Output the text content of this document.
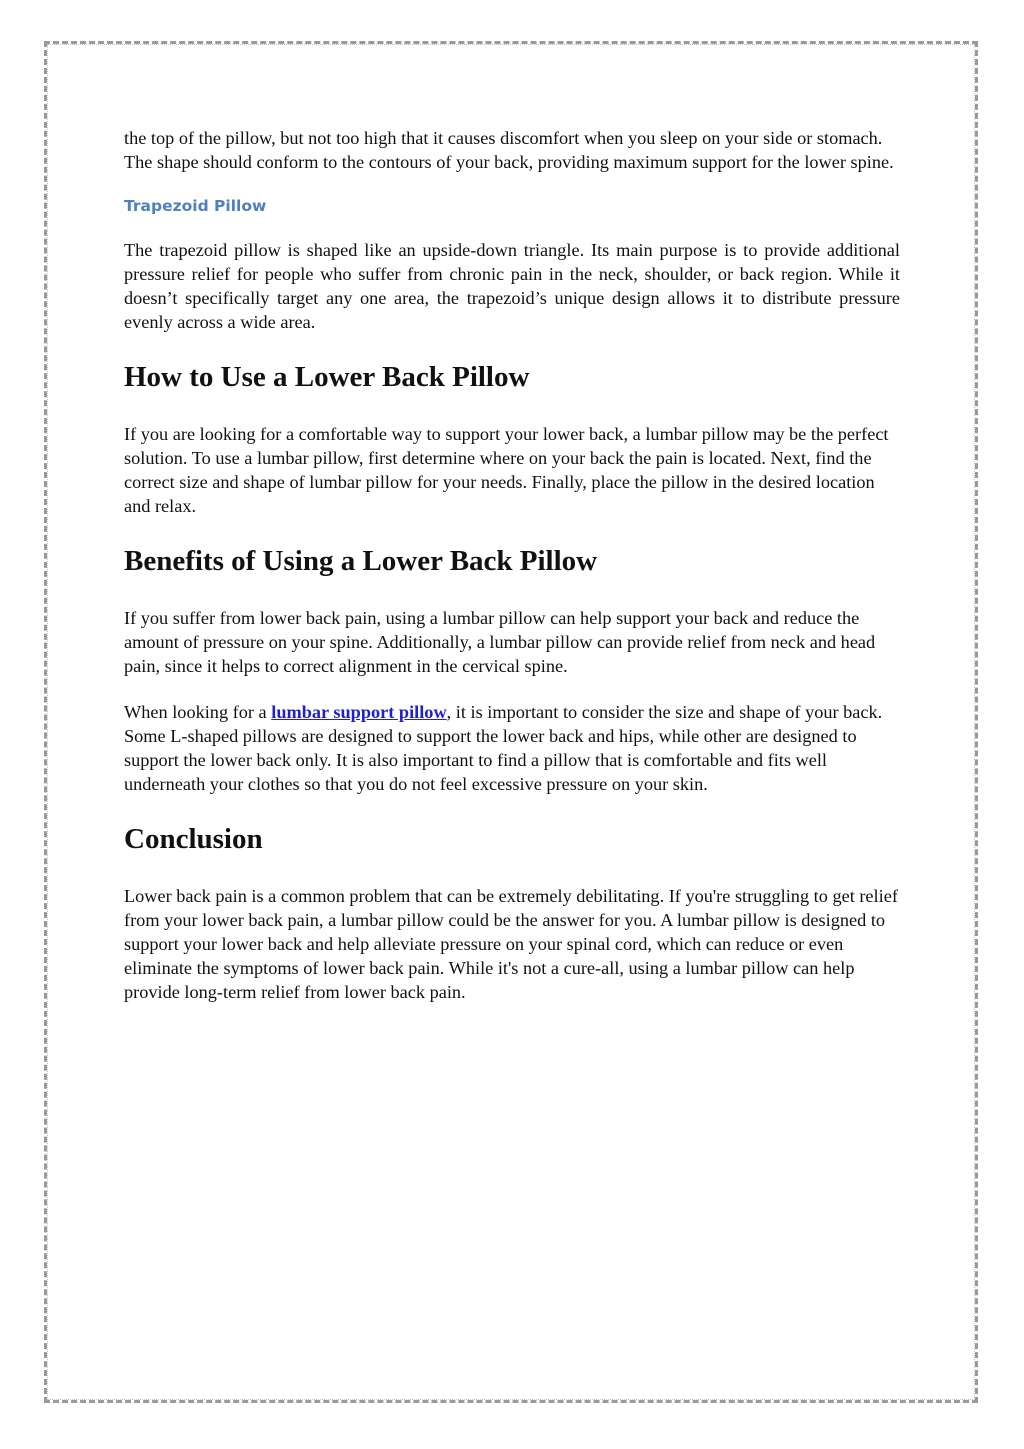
the top of the pillow, but not too high that it causes discomfort when you sleep on your side or stomach. The shape should conform to the contours of your back, providing maximum support for the lower spine.

Trapezoid Pillow

The trapezoid pillow is shaped like an upside-down triangle. Its main purpose is to provide additional pressure relief for people who suffer from chronic pain in the neck, shoulder, or back region. While it doesn’t specifically target any one area, the trapezoid’s unique design allows it to distribute pressure evenly across a wide area.

How to Use a Lower Back Pillow

If you are looking for a comfortable way to support your lower back, a lumbar pillow may be the perfect solution. To use a lumbar pillow, first determine where on your back the pain is located. Next, find the correct size and shape of lumbar pillow for your needs. Finally, place the pillow in the desired location and relax.

Benefits of Using a Lower Back Pillow

If you suffer from lower back pain, using a lumbar pillow can help support your back and reduce the amount of pressure on your spine. Additionally, a lumbar pillow can provide relief from neck and head pain, since it helps to correct alignment in the cervical spine.

When looking for a lumbar support pillow, it is important to consider the size and shape of your back. Some L-shaped pillows are designed to support the lower back and hips, while other are designed to support the lower back only. It is also important to find a pillow that is comfortable and fits well underneath your clothes so that you do not feel excessive pressure on your skin.

Conclusion

Lower back pain is a common problem that can be extremely debilitating. If you're struggling to get relief from your lower back pain, a lumbar pillow could be the answer for you. A lumbar pillow is designed to support your lower back and help alleviate pressure on your spinal cord, which can reduce or even eliminate the symptoms of lower back pain. While it's not a cure-all, using a lumbar pillow can help provide long-term relief from lower back pain.
